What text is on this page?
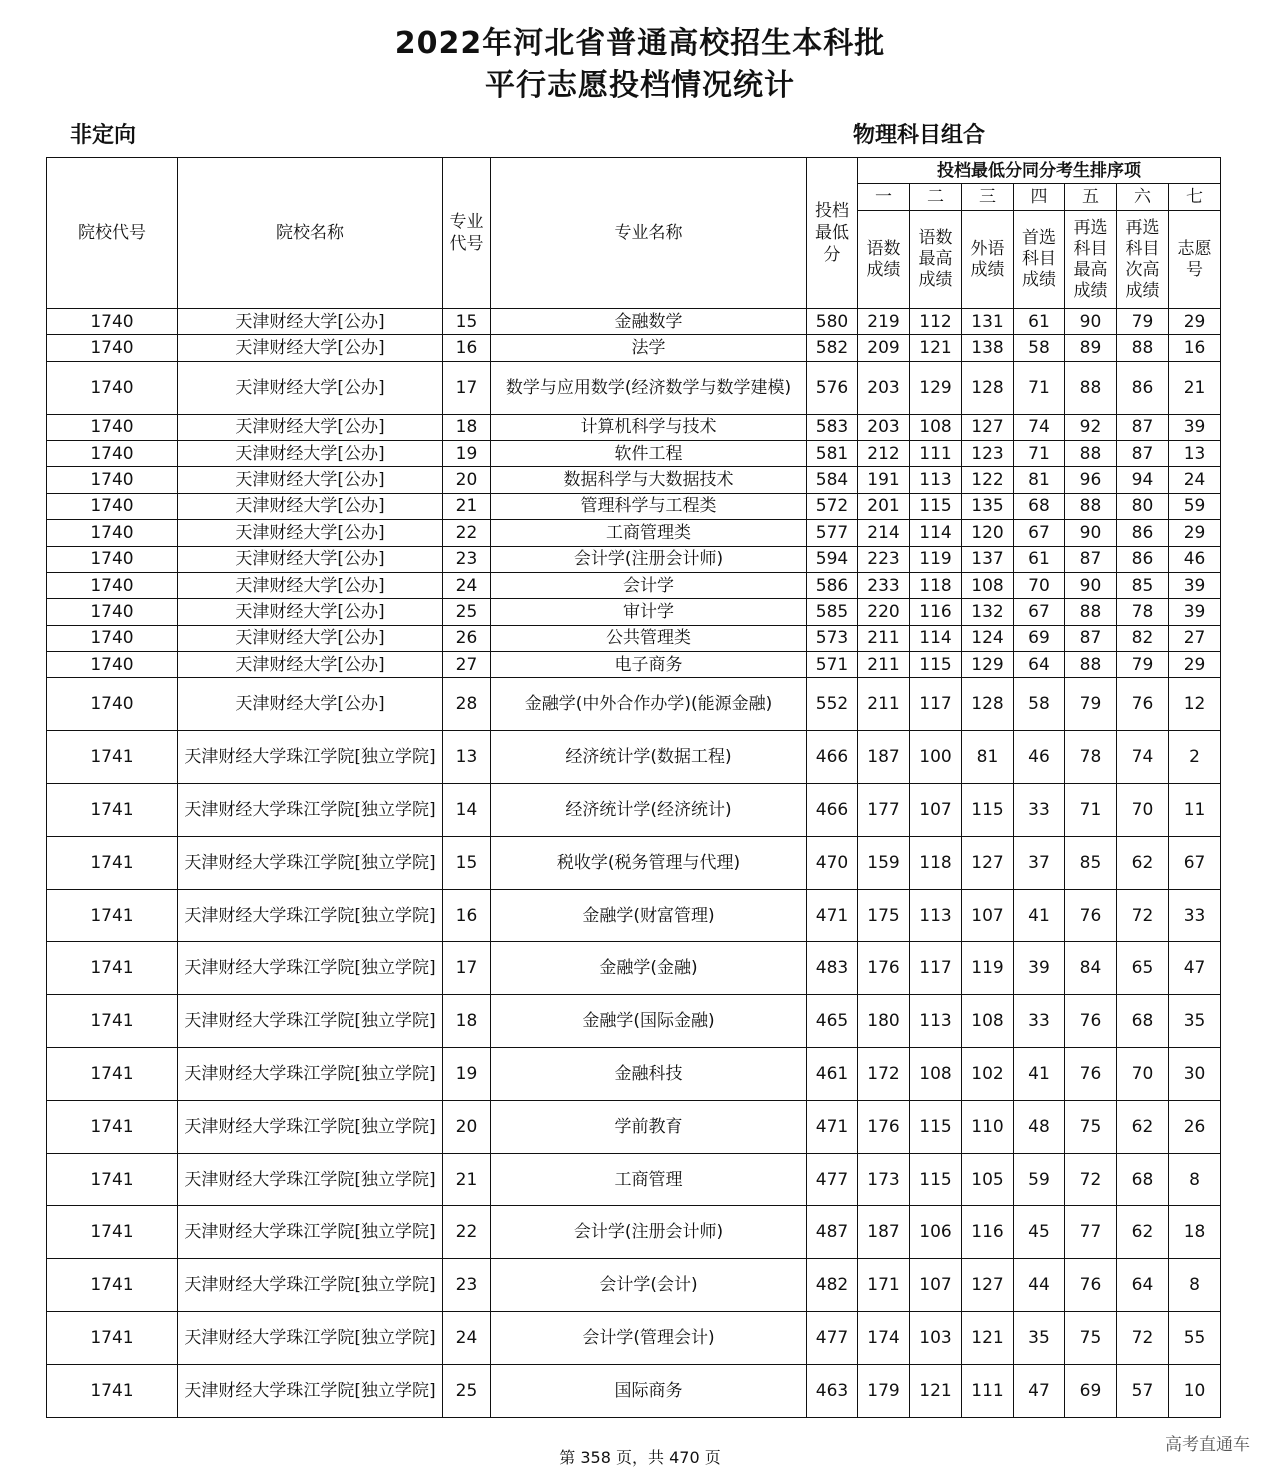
2022年河北省普通高校招生本科批
平行志愿投档情况统计
非定向	物理科目组合
院校代号	院校名称	专业代号	专业名称	投档最低分	投档最低分同分考生排序项						
					一	二	三	四	五	六	七
					语数成绩	语数最高成绩	外语成绩	首选科目成绩	再选科目最高成绩	再选科目次高成绩	志愿号
1740	天津财经大学[公办]	15	金融数学	580	219	112	131	61	90	79	29
1740	天津财经大学[公办]	16	法学	582	209	121	138	58	89	88	16
1740	天津财经大学[公办]	17	数学与应用数学(经济数学与数学建模)	576	203	129	128	71	88	86	21
1740	天津财经大学[公办]	18	计算机科学与技术	583	203	108	127	74	92	87	39
1740	天津财经大学[公办]	19	软件工程	581	212	111	123	71	88	87	13
1740	天津财经大学[公办]	20	数据科学与大数据技术	584	191	113	122	81	96	94	24
1740	天津财经大学[公办]	21	管理科学与工程类	572	201	115	135	68	88	80	59
1740	天津财经大学[公办]	22	工商管理类	577	214	114	120	67	90	86	29
1740	天津财经大学[公办]	23	会计学(注册会计师)	594	223	119	137	61	87	86	46
1740	天津财经大学[公办]	24	会计学	586	233	118	108	70	90	85	39
1740	天津财经大学[公办]	25	审计学	585	220	116	132	67	88	78	39
1740	天津财经大学[公办]	26	公共管理类	573	211	114	124	69	87	82	27
1740	天津财经大学[公办]	27	电子商务	571	211	115	129	64	88	79	29
1740	天津财经大学[公办]	28	金融学(中外合作办学)(能源金融)	552	211	117	128	58	79	76	12
1741	天津财经大学珠江学院[独立学院]	13	经济统计学(数据工程)	466	187	100	81	46	78	74	2
1741	天津财经大学珠江学院[独立学院]	14	经济统计学(经济统计)	466	177	107	115	33	71	70	11
1741	天津财经大学珠江学院[独立学院]	15	税收学(税务管理与代理)	470	159	118	127	37	85	62	67
1741	天津财经大学珠江学院[独立学院]	16	金融学(财富管理)	471	175	113	107	41	76	72	33
1741	天津财经大学珠江学院[独立学院]	17	金融学(金融)	483	176	117	119	39	84	65	47
1741	天津财经大学珠江学院[独立学院]	18	金融学(国际金融)	465	180	113	108	33	76	68	35
1741	天津财经大学珠江学院[独立学院]	19	金融科技	461	172	108	102	41	76	70	30
1741	天津财经大学珠江学院[独立学院]	20	学前教育	471	176	115	110	48	75	62	26
1741	天津财经大学珠江学院[独立学院]	21	工商管理	477	173	115	105	59	72	68	8
1741	天津财经大学珠江学院[独立学院]	22	会计学(注册会计师)	487	187	106	116	45	77	62	18
1741	天津财经大学珠江学院[独立学院]	23	会计学(会计)	482	171	107	127	44	76	64	8
1741	天津财经大学珠江学院[独立学院]	24	会计学(管理会计)	477	174	103	121	35	75	72	55
1741	天津财经大学珠江学院[独立学院]	25	国际商务	463	179	121	111	47	69	57	10
第 358 页，共 470 页
高考直通车
